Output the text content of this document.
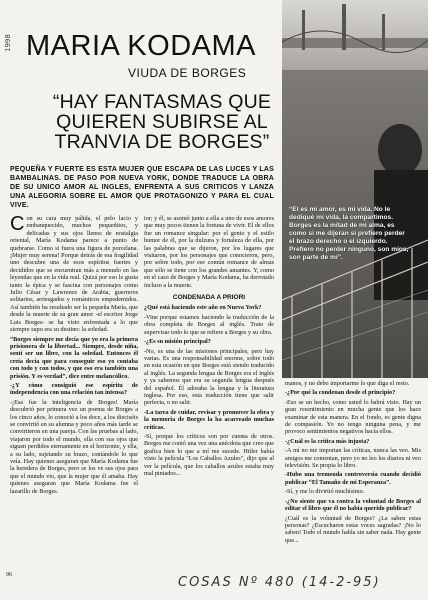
1998 MARIA KODAMA
VIUDA DE BORGES
“HAY FANTASMAS QUE QUIEREN SUBIRSE AL TRANVIA DE BORGES”
PEQUEÑA Y FUERTE ES ESTA MUJER QUE ESCAPA DE LAS LUCES Y LAS BAMBALINAS. DE PASO POR NUEVA YORK, DONDE TRADUCE LA OBRA DE SU UNICO AMOR AL INGLES, ENFRENTA A SUS CRITICOS Y LANZA UNA ALEGORIA SOBRE EL AMOR QUE PROTAGONIZO Y PARA EL CUAL VIVE.

Con su cara muy pálida, el pelo lacio y embanquecido, muchos pequeñitos, y delicadas y sus ojos llenos de nostalgia oriental, María Kodama parece a punto de quebrarse. Como si fuera una figura de porcelana. ¡Mujer muy serena! Porque detrás de esa fragilidad uno descubre una de esos espíritus fuertes y decididos que se encuentran más a menudo en las leyendas que en la vida real. Quizá por eso le gusta tanto la épica y se fascina con personajes como Julio César y Lawrence de Arabia, guerreros solitarios, arriesgados y románticos empedernidos. Así también ha resultado ser la pequeña María, que desde la muerte de su gran amor -el escritor Jorge Luis Borges- se ha visto enfrentada a lo que siempre supo era su destino: la soledad.

“Borges siempre me decía que yo era la primera prisionera de la libertad... Siempre, desde niña, sentí ser un libre, con la soledad. Entonces él creía decía que para conseguir eso yo contaba con todo y con todos, y que eso era también una prisión. Y es verdad”, dice entre melancólico.

-¿Y cómo consiguió ese espíritu de independencia con una relación tan intensa?

-¡Esa fue la inteligencia de Borges! María descubrió por primera vez un poema de Borges a los cinco años, lo conoció a los doce, a los dieciséis se convirtió en su alumna y poco años más tarde se convirtieron en una pareja. Con las pruebas al lado, viajaron por todo el mundo, ella con sus ojos que siguen perdidos eternamente en el horizonte, y ella, a su lado, sujetando su brazo, contándole lo que veía. Hay quienes aseguran que María Kodama fue la heredera de Borges, pero se los ve sus ojos para que el mundo vio, que la mujer que él amaba. Hay quienes aseguran que María Kodama fue el lazarillo de Borges.

tor; y él, se asomó junto a ella a uno de esos amores que muy pocos tienen la fortuna de vivir. El de ellos fue un romance singular: por el genio y el estilo humor de él, por la dulzura y fortaleza de ella, por las palabras que se dijeron, por los lugares que visitaron, por los personajes que conocieron, pero, por sobre todo, por ese común romance de almas que sólo se tiene con los grandes amantes. Y, como en el caso de Borges y María Kodama, ha derrotado incluso a la muerte.

CONDENADA A PRIORI

¿Qué está haciendo este año en Nueva York?

-Vine porque estamos haciendo la traducción de la obra completa de Borges al inglés. Trato de supervisar todo lo que se refiere a Borges y su obra.

-¿Es su misión principal?

-No, es una de las misiones principales, pero hay varias. Es una responsabilidad enorme, sobre todo en esta ocasión en que Borges está siendo traducido al inglés. La segunda lengua de Borges era el inglés y ya sabemos que era su segunda lengua después del español. Él adoraba la lengua y la literatura inglesa. Por eso, esta traducción tiene que salir perfecta, o no salir.

-La tarea de cuidar, revisar y promover la obra y la memoria de Borges la ha acarreado muchas críticas.

-Sí, porque los críticos son por cuenta de otros. Borges me contó una vez una anécdota que creo que grafica bien lo que a mí me sucede. Hitler había visto la película "Los Caballos Azules", dijo que al ver la película, que los caballos azules estaba muy mal pintados...

“El es mi amor, es mi vida. No le dediqué mi vida, la compartimos. Borges es la mitad de mi alma, es como si me dijeran si prefiero perder el brazo derecho o el izquierdo. Prefiero no perder ninguno, son míos, son parte de mí”.

manos, y no debo importarme lo que diga el resto.

-¿Por qué la condenan desde el principio?

-Eso se un hecho, como usted lo habrá visto. Hay un gran resentimiento en mucha gente que los hace examinar de esta manera. En el fondo, es gente digna de compasión. Yo no tengo ninguna pena, y me provoco sentimientos negativos hacia ellos.

-¿Cuál es la crítica más injusta?

-A mí no me importan las críticas, nunca las veo. Mis amigos me comentan, pero yo no leo los diarios ni veo televisión. Se propia lo libro.

-Hubo una tremenda controversia cuando decidió publicar “El Tamaño de mi Esperanza”.

-Sí, y me lo divirtió muchísimo.

-¿No siente que va contra la voluntad de Borges al editar el libro que él no había querido publicar?

¿Cuál es la voluntad de Borges? ¿La saben estas personas? ¿Escucharon estas voces sagradas? ¡No lo saben! Todo el mundo habla sin saber nada. Hay gente que...

96	COSAS Nº 480 (14-2-95)
